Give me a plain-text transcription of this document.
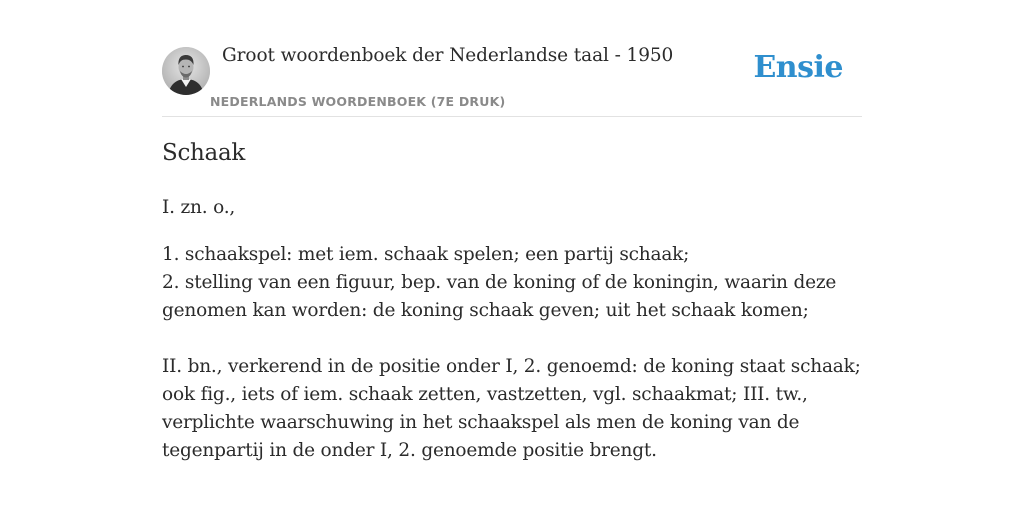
Groot woordenboek der Nederlandse taal - 1950
NEDERLANDS WOORDENBOEK (7E DRUK)
Ensie
Schaak

I. zn. o.,

1. schaakspel: met iem. schaak spelen; een partij schaak;
2. stelling van een figuur, bep. van de koning of de koningin, waarin deze genomen kan worden: de koning schaak geven; uit het schaak komen;

II. bn., verkerend in de positie onder I, 2. genoemd: de koning staat schaak; ook fig., iets of iem. schaak zetten, vastzetten, vgl. schaakmat; III. tw., verplichte waarschuwing in het schaakspel als men de koning van de tegenpartij in de onder I, 2. genoemde positie brengt.
